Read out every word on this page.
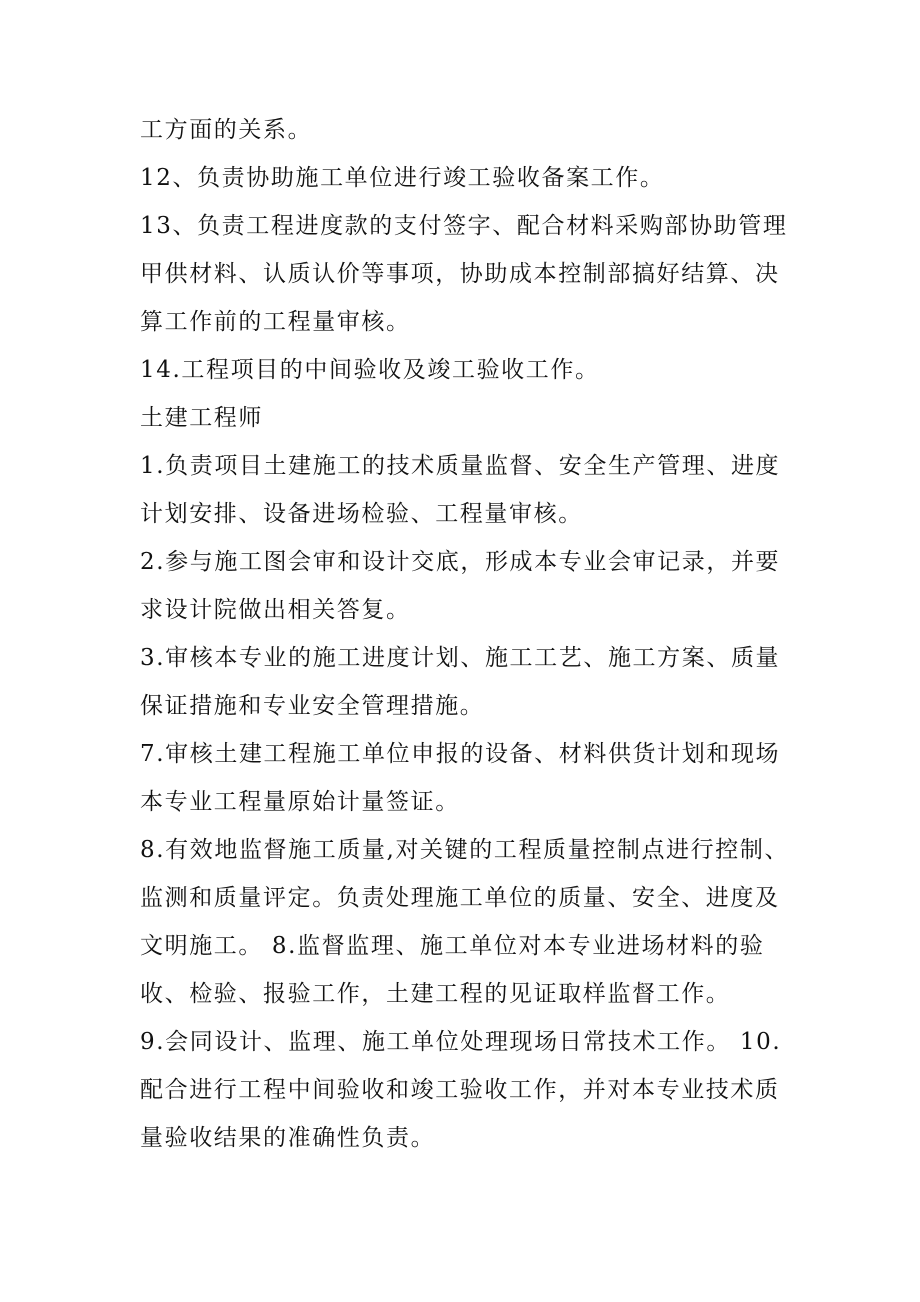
工方面的关系。
12、负责协助施工单位进行竣工验收备案工作。
13、负责工程进度款的支付签字、配合材料采购部协助管理
甲供材料、认质认价等事项，协助成本控制部搞好结算、决
算工作前的工程量审核。
14.工程项目的中间验收及竣工验收工作。
土建工程师
1.负责项目土建施工的技术质量监督、安全生产管理、进度
计划安排、设备进场检验、工程量审核。
2.参与施工图会审和设计交底，形成本专业会审记录，并要
求设计院做出相关答复。
3.审核本专业的施工进度计划、施工工艺、施工方案、质量
保证措施和专业安全管理措施。
7.审核土建工程施工单位申报的设备、材料供货计划和现场
本专业工程量原始计量签证。
8.有效地监督施工质量,对关键的工程质量控制点进行控制、
监测和质量评定。负责处理施工单位的质量、安全、进度及
文明施工。 8.监督监理、施工单位对本专业进场材料的验
收、检验、报验工作，土建工程的见证取样监督工作。
9.会同设计、监理、施工单位处理现场日常技术工作。 10.
配合进行工程中间验收和竣工验收工作，并对本专业技术质
量验收结果的准确性负责。
